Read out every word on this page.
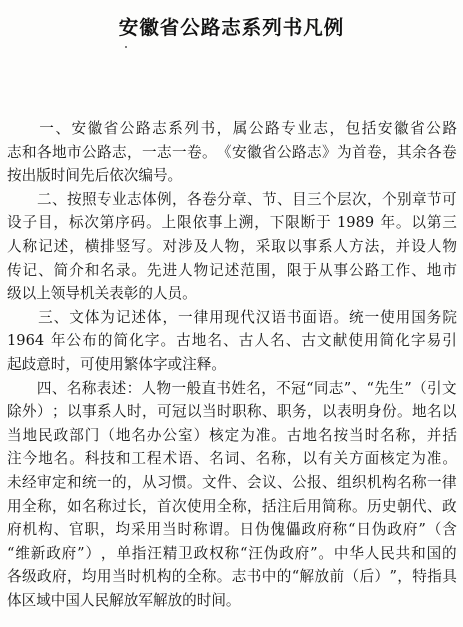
安徽省公路志系列书凡例

一 、 安 徽 省 公 路 志 系 列 书 ， 属 公 路 专 业 志 ， 包 括 安 徽 省 公 路
志 和 各 地 市 公 路 志 ， 一 志 一 卷 。 《 安 徽 省 公 路 志 》 为 首 卷 ， 其 余 各 卷
按出版时间先后依次编号。

二 、 按 照 专 业 志 体 例 ， 各 卷 分 章 、 节 、 目 三 个 层 次 ， 个 别 章 节 可
设 子 目 ， 标 次 第 序 码 。 上 限 依 事 上 溯 ， 下 限 断 于
1989
年 。 以 第 三
人 称 记 述 ， 横 排 竖 写 。 对 涉 及 人 物 ， 采 取 以 事 系 人 方 法 ， 并 设 人 物
传 记 、 简 介 和 名 录 。 先 进 人 物 记 述 范 围 ， 限 于 从 事 公 路 工 作 、 地 市
级以上领导机关表彰的人员。

三 、 文 体 为 记 述 体 ， 一 律 用 现 代 汉 语 书 面 语 。 统 一 使 用 国 务 院
1964
年 公 布 的 简 化 字 。 古 地 名 、 古 人 名 、 古 文 献 使 用 简 化 字 易 引
起歧意时，可使用繁体字或注释。

四 、 名 称 表 述 ： 人 物 一 般 直 书 姓 名 ， 不 冠 “ 同 志 ” 、 “ 先 生 ” （ 引 文
除 外 ） ； 以 事 系 人 时 ， 可 冠 以 当 时 职 称 、 职 务 ， 以 表 明 身 份 。 地 名 以
当 地 民 政 部 门 （ 地 名 办 公 室 ） 核 定 为 准 。 古 地 名 按 当 时 名 称 ， 并 括
注 今 地 名 。 科 技 和 工 程 术 语 、 名 词 、 名 称 ， 以 有 关 方 面 核 定 为 准 。
未 经 审 定 和 统 一 的 ， 从 习 惯 。 文 件 、 会 议 、 公 报 、 组 织 机 构 名 称 一 律
用 全 称 ， 如 名 称 过 长 ， 首 次 使 用 全 称 ， 括 注 后 用 简 称 。 历 史 朝 代 、 政
府 机 构 、 官 职 ， 均 采 用 当 时 称 谓 。 日 伪 傀 儡 政 府 称 “ 日 伪 政 府 ” （ 含
“ 维 新 政 府 ” ） ， 单 指 汪 精 卫 政 权 称 “ 汪 伪 政 府 ” 。 中 华 人 民 共 和 国 的
各 级 政 府 ， 均 用 当 时 机 构 的 全 称 。 志 书 中 的 “ 解 放 前 （ 后 ） ” ， 特 指 具
体区域中国人民解放军解放的时间。
